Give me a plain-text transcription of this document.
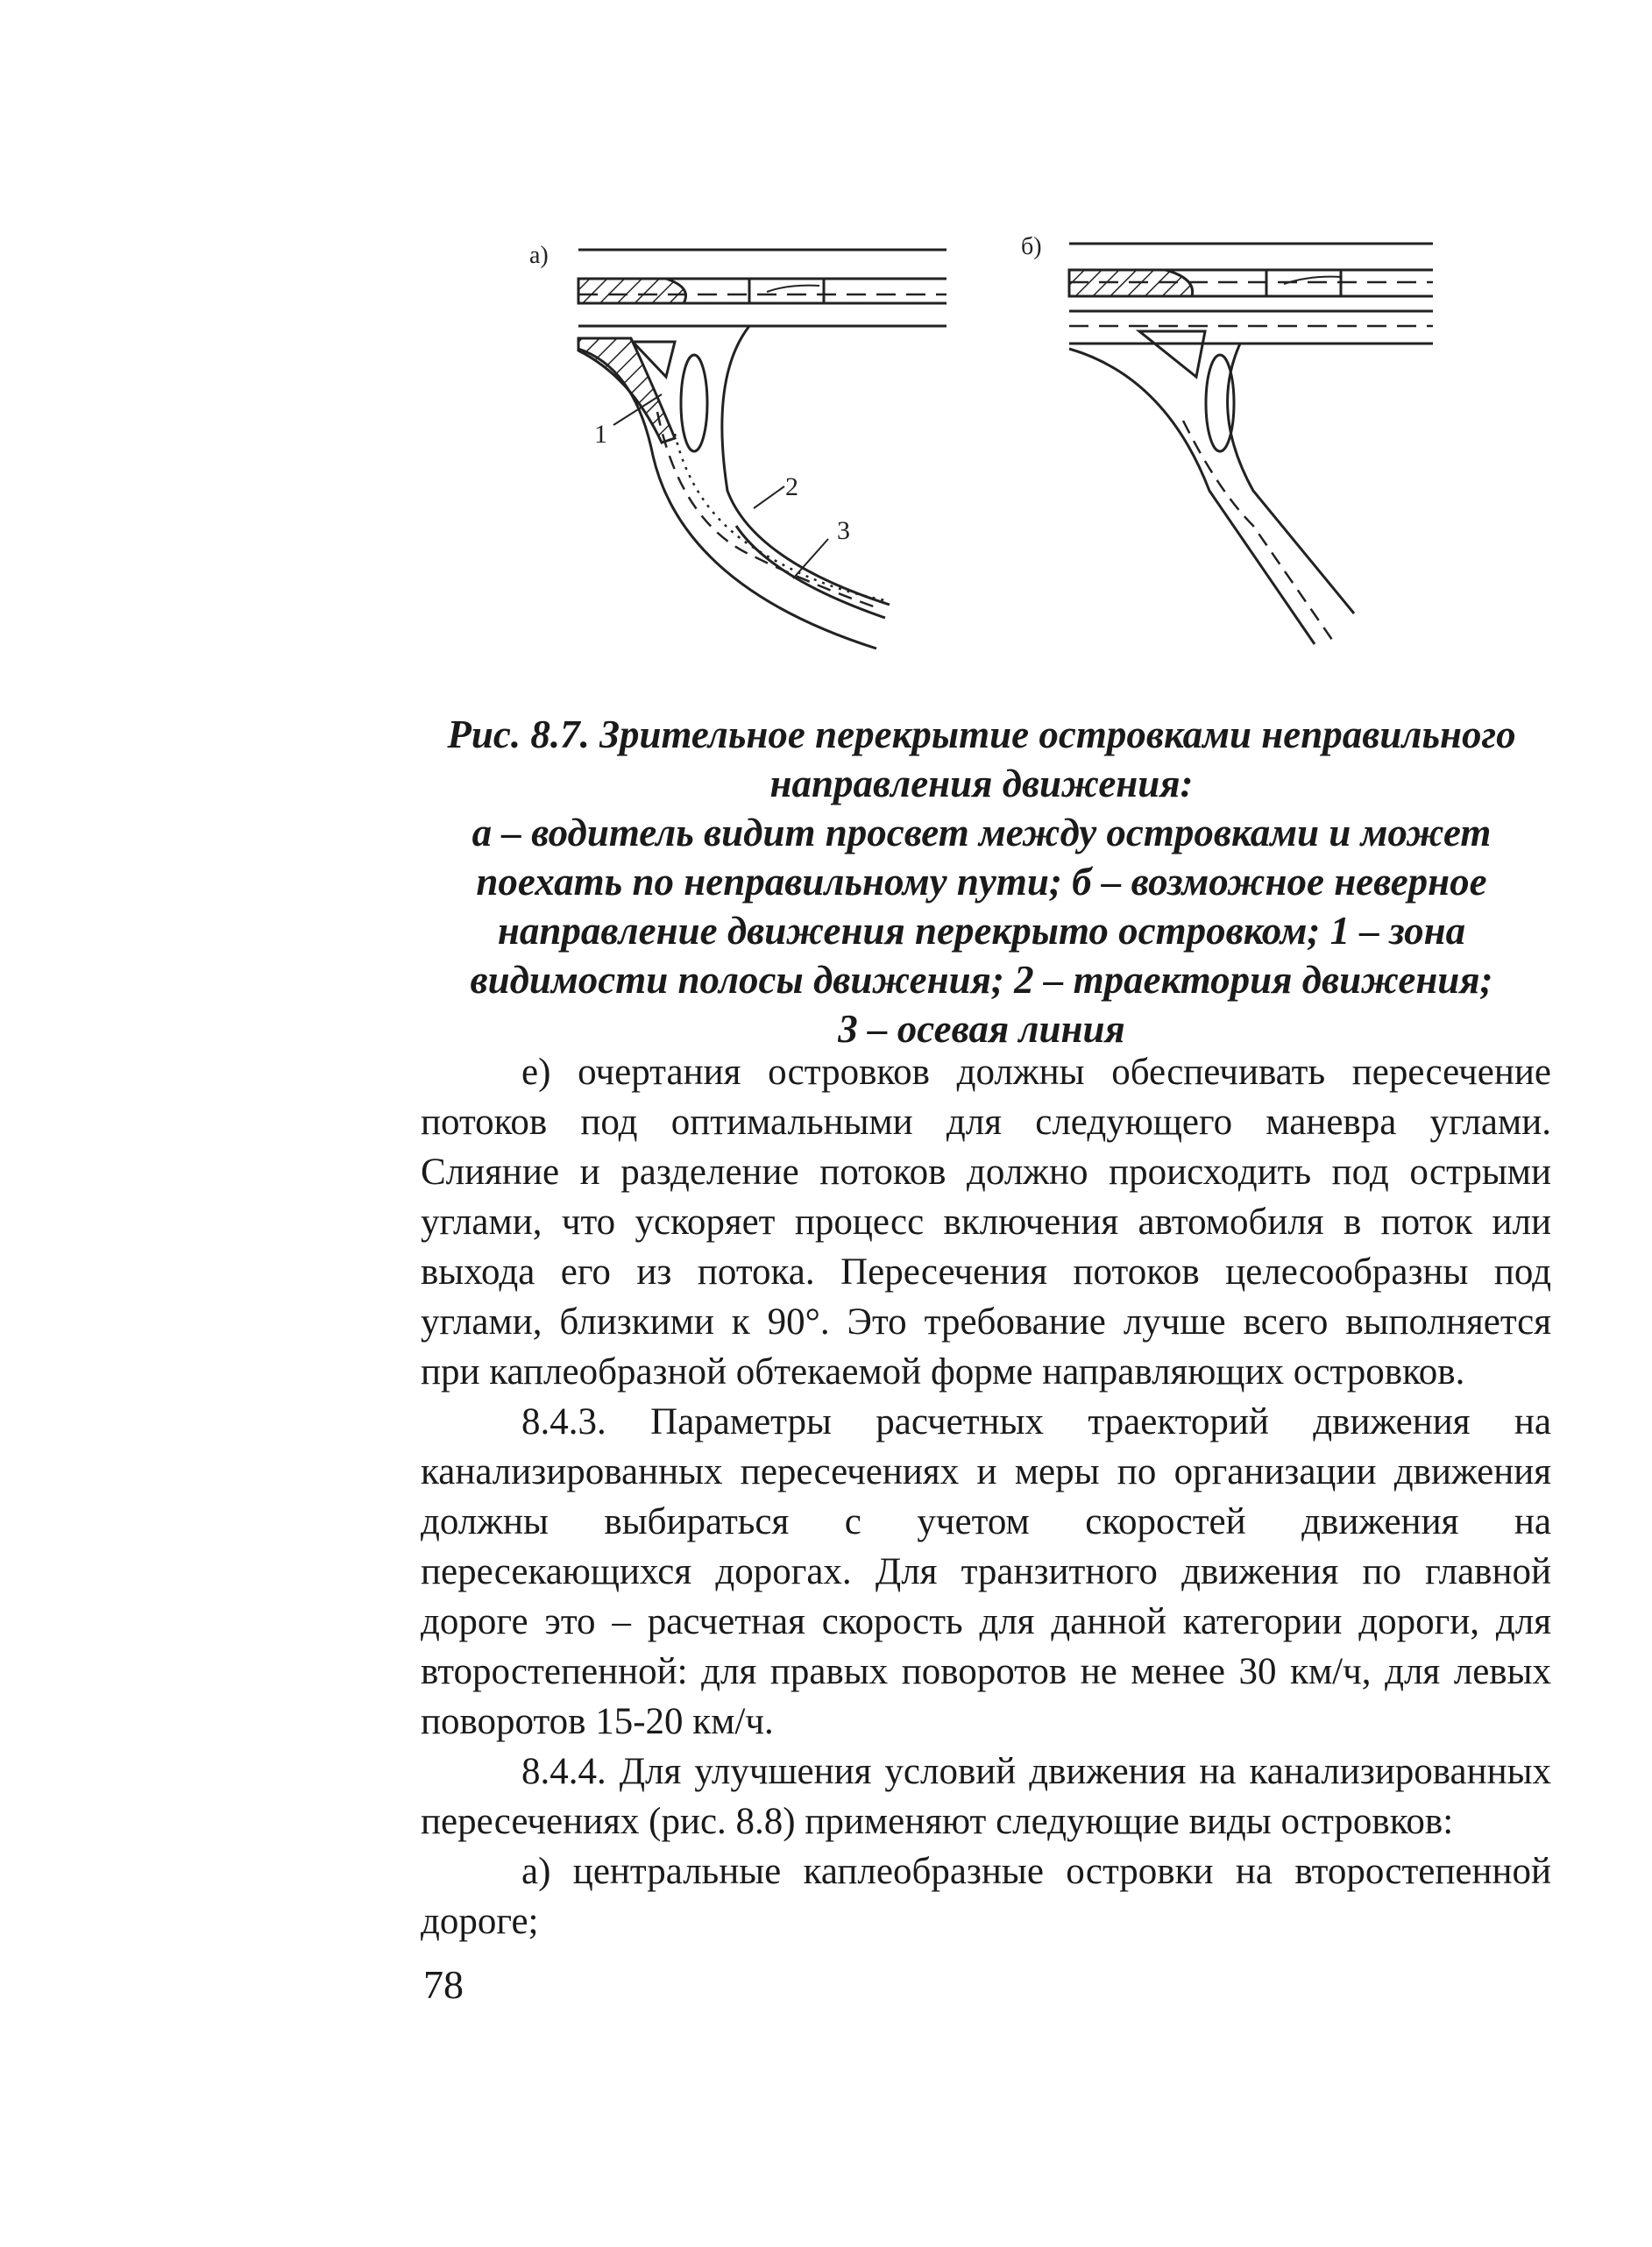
а)
1
2
3
б)
Рис. 8.7. Зрительное перекрытие островками неправильного
направления движения:
а – водитель видит просвет между островками и может
поехать по неправильному пути; б – возможное неверное
направление движения перекрыто островком; 1 – зона
видимости полосы движения; 2 – траектория движения;
3 – осевая линия

е) очертания островков должны обеспечивать пересечение потоков под оптимальными для следующего маневра углами. Слияние и разделение потоков должно происходить под острыми углами, что ускоряет процесс включения автомобиля в поток или выхода его из потока. Пересечения потоков целесообразны под углами, близкими к 90°. Это требование лучше всего выполняется при каплеобразной обтекаемой форме направляющих островков.

8.4.3. Параметры расчетных траекторий движения на канализированных пересечениях и меры по организации движения должны выбираться с учетом скоростей движения на пересекающихся дорогах. Для транзитного движения по главной дороге это – расчетная скорость для данной категории дороги, для второстепенной: для правых поворотов не менее 30 км/ч, для левых поворотов 15-20 км/ч.

8.4.4. Для улучшения условий движения на канализированных пересечениях (рис. 8.8) применяют следующие виды островков:

а) центральные каплеобразные островки на второстепенной дороге;

78
